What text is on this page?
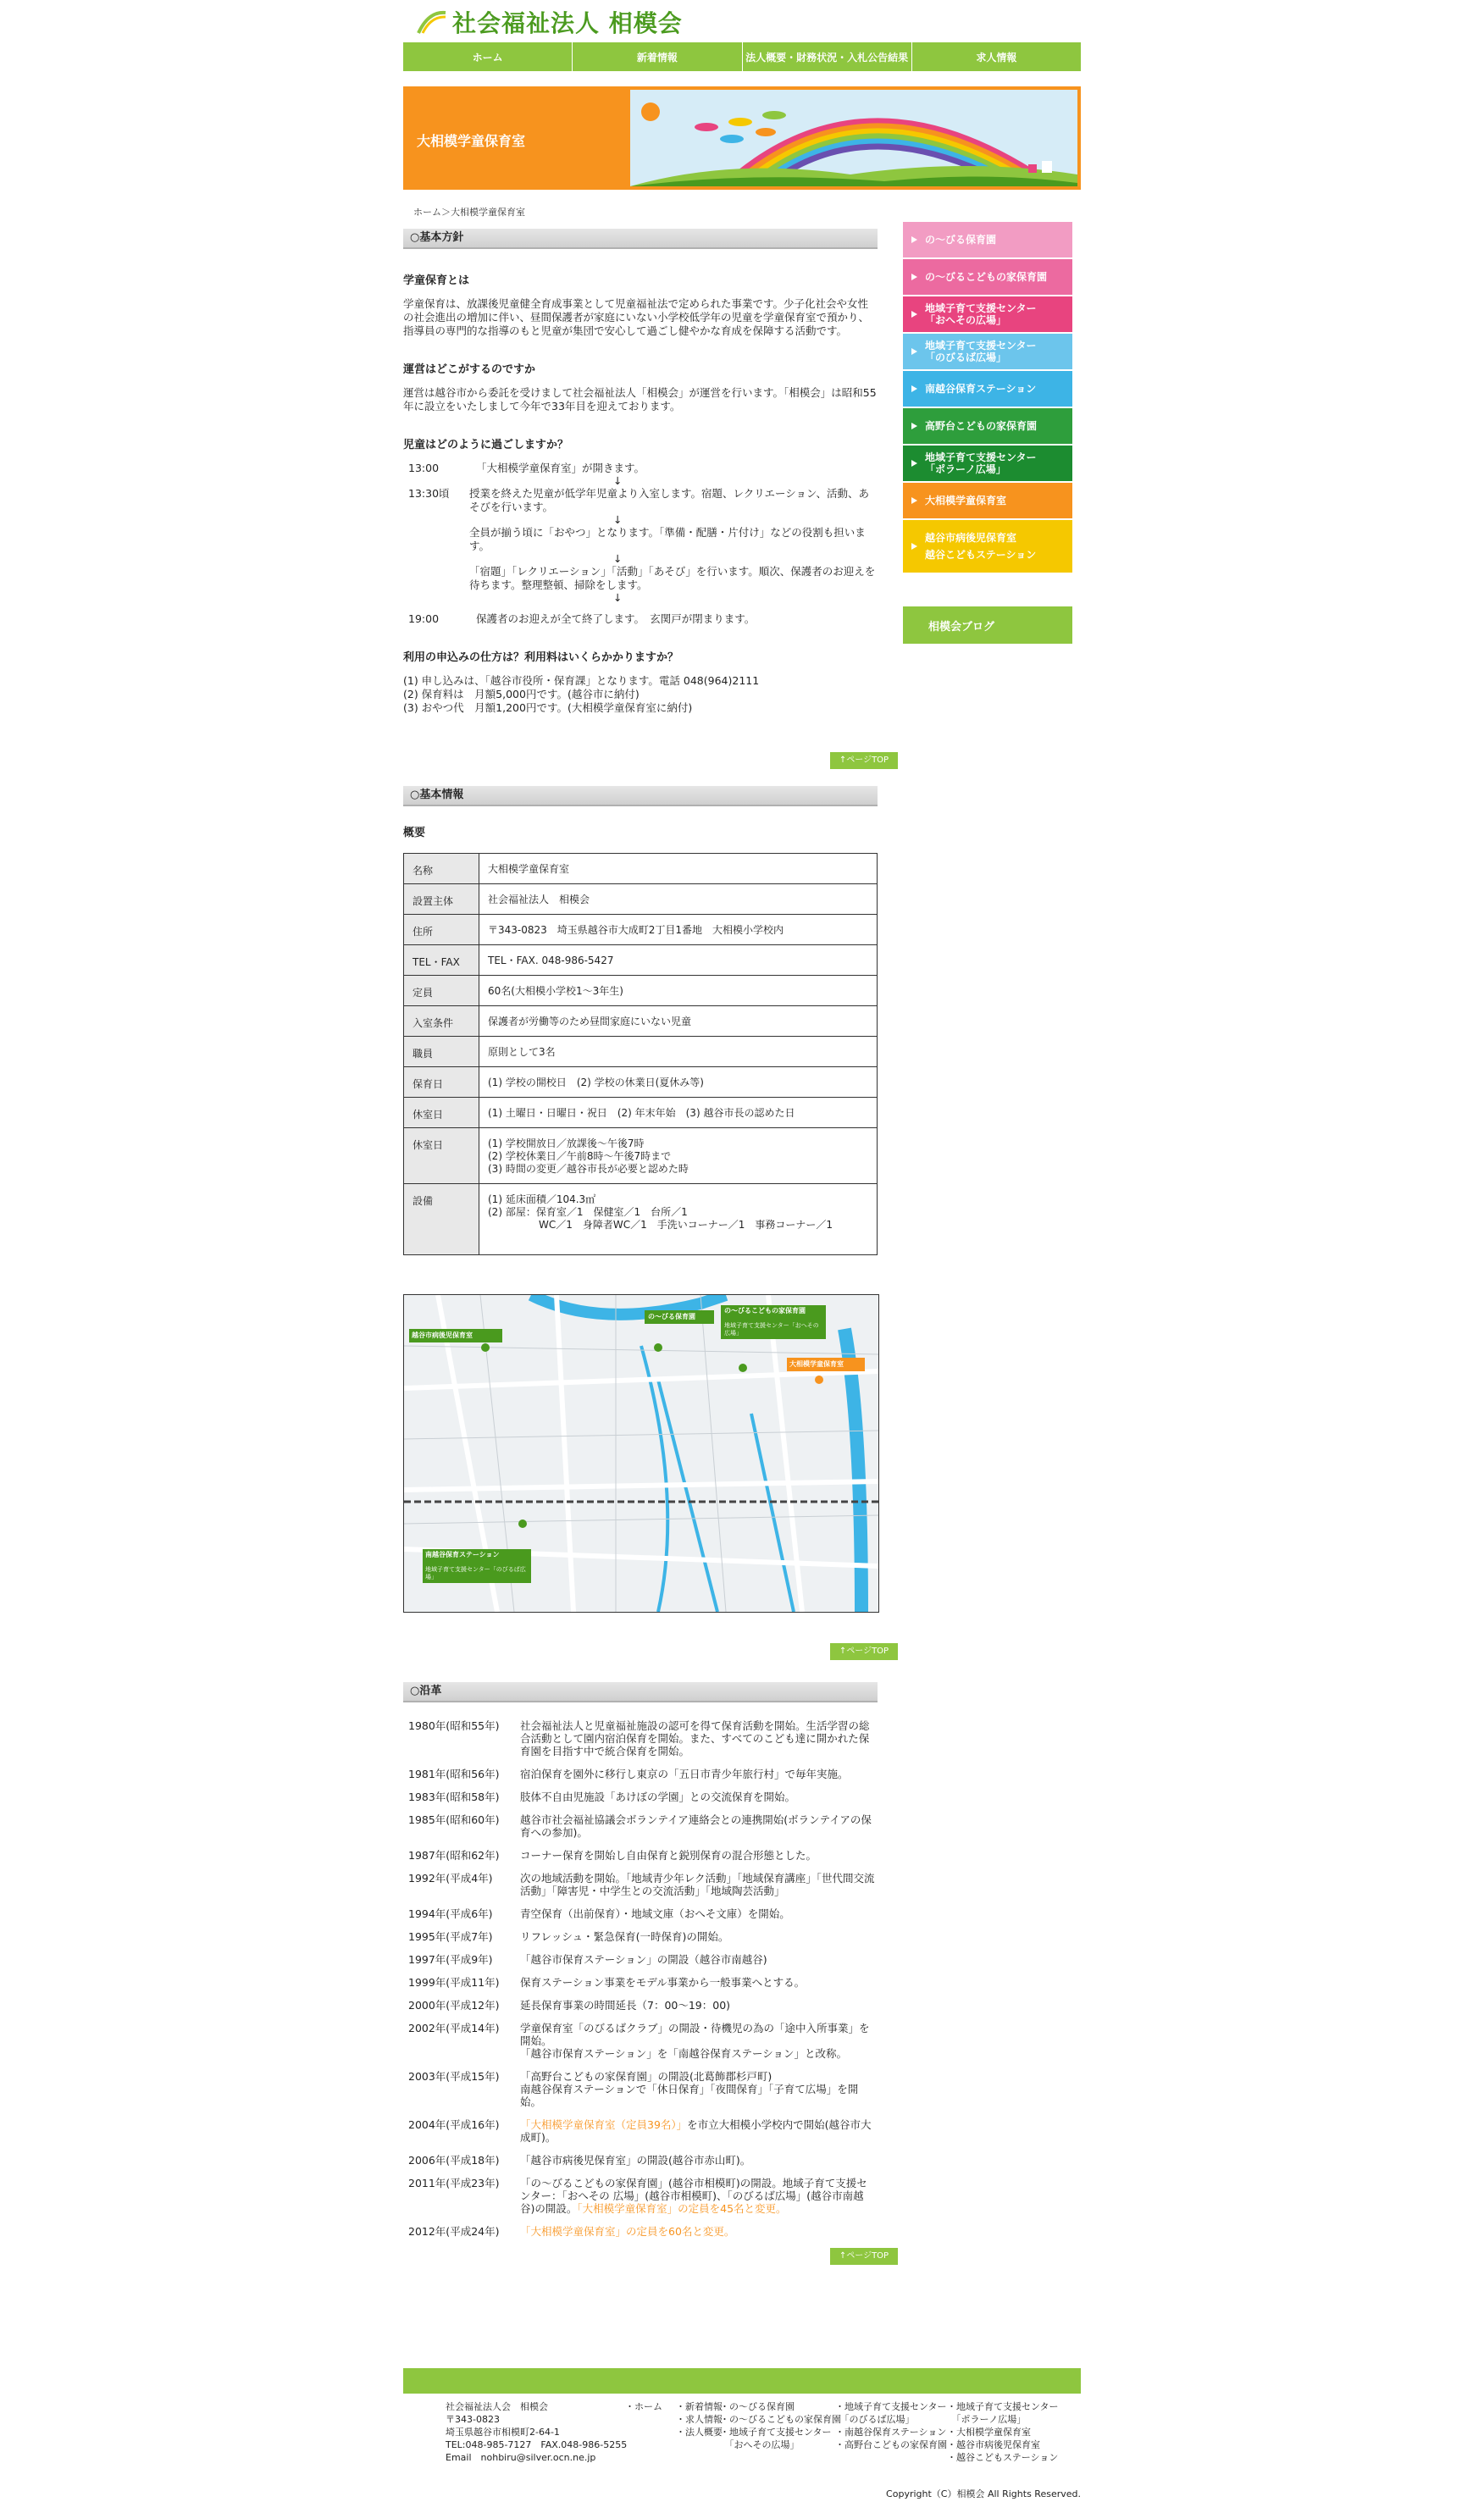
社会福祉法人 相模会
ホーム	新着情報	法人概要・財務状況・入札公告結果	求人情報
大相模学童保育室
ホーム＞大相模学童保育室
○基本方針
学童保育とは
学童保育は、放課後児童健全育成事業として児童福祉法で定められた事業です。少子化社会や女性の社会進出の増加に伴い、昼間保護者が家庭にいない小学校低学年の児童を学童保育室で預かり、指導員の専門的な指導のもと児童が集団で安心して過ごし健やかな育成を保障する活動です。
運営はどこがするのですか
運営は越谷市から委託を受けまして社会福祉法人「相模会」が運営を行います。「相模会」は昭和55年に設立をいたしまして今年で33年目を迎えております。
児童はどのように過ごしますか？
13:00	「大相模学童保育室」が開きます。
↓
13:30頃	授業を終えた児童が低学年児童より入室します。宿題、レクリエーション、活動、あそびを行います。
↓
全員が揃う頃に「おやつ」となります。「準備・配膳・片付け」などの役割も担います。
↓
「宿題」「レクリエーション」「活動」「あそび」を行います。順次、保護者のお迎えを待ちます。整理整頓、掃除をします。
↓
19:00	保護者のお迎えが全て終了します。　玄関戸が閉まります。
利用の申込みの仕方は？利用料はいくらかかりますか？
(1) 申し込みは、「越谷市役所・保育課」となります。電話 048(964)2111
(2) 保育料は　月額5,000円です。(越谷市に納付)
(3) おやつ代　月額1,200円です。(大相模学童保育室に納付)
↑ページTOP
○基本情報
概要
名称	大相模学童保育室
設置主体	社会福祉法人　相模会
住所	〒343-0823　埼玉県越谷市大成町2丁目1番地　大相模小学校内
TEL・FAX	TEL・FAX. 048-986-5427
定員	60名(大相模小学校1～3年生)
入室条件	保護者が労働等のため昼間家庭にいない児童
職員	原則として3名
保育日	(1) 学校の開校日　(2) 学校の休業日(夏休み等)
休室日	(1) 土曜日・日曜日・祝日　(2) 年末年始　(3) 越谷市長の認めた日
休室日	(1) 学校開放日／放課後～午後7時
(2) 学校休業日／午前8時～午後7時まで
(3) 時間の変更／越谷市長が必要と認めた時
設備	(1) 延床面積／104.3㎡
(2) 部屋：保育室／1　保健室／1　台所／1
　　　　　WC／1　身障者WC／1　手洗いコーナー／1　事務コーナー／1
越谷市病後児保育室
の～びる保育園
の～びるこどもの家保育園
地域子育て支援センター「おへその広場」
大相模学童保育室
南越谷保育ステーション
地域子育て支援センター「のびるば広場」
↑ページTOP
○沿革
1980年(昭和55年)	社会福祉法人と児童福祉施設の認可を得て保育活動を開始。生活学習の総合活動として園内宿泊保育を開始。また、すべてのこども達に開かれた保育園を目指す中で統合保育を開始。
1981年(昭和56年)	宿泊保育を園外に移行し東京の「五日市青少年旅行村」で毎年実施。
1983年(昭和58年)	肢体不自由児施設「あけぼの学園」との交流保育を開始。
1985年(昭和60年)	越谷市社会福祉協議会ボランテイア連絡会との連携開始(ボランテイアの保育への参加)。
1987年(昭和62年)	コーナー保育を開始し自由保育と鋭別保育の混合形態とした。
1992年(平成4年)	次の地域活動を開始。「地域青少年レク活動」「地域保育講座」「世代間交流活動」「障害児・中学生との交流活動」「地域陶芸活動」
1994年(平成6年)	青空保育（出前保育）・地域文庫（おへそ文庫）を開始。
1995年(平成7年)	リフレッシュ・緊急保育(一時保育)の開始。
1997年(平成9年)	「越谷市保育ステーション」の開設（越谷市南越谷)
1999年(平成11年)	保育ステーション事業をモデル事業から一般事業へとする。
2000年(平成12年)	延長保育事業の時間延長（7：00～19：00)
2002年(平成14年)	学童保育室「のびるばクラブ」の開設・待機児の為の「途中入所事業」を開始。
「越谷市保育ステーション」を「南越谷保育ステーション」と改称。
2003年(平成15年)	「高野台こどもの家保育園」の開設(北葛飾郡杉戸町)
南越谷保育ステーションで「休日保育」「夜間保育」「子育て広場」を開始。
2004年(平成16年)	「大相模学童保育室（定員39名）」を市立大相模小学校内で開始(越谷市大成町)。
2006年(平成18年)	「越谷市病後児保育室」の開設(越谷市赤山町)。
2011年(平成23年)	「の～びるこどもの家保育園」(越谷市相模町)の開設。地域子育て支援センター：「おへその 広場」(越谷市相模町)、「のびるば広場」(越谷市南越谷)の開設。「大相模学童保育室」の定員を45名と変更。
2012年(平成24年)	「大相模学童保育室」の定員を60名と変更。
↑ページTOP
の～びる保育園
の～びるこどもの家保育園
地域子育て支援センター
「おへその広場」
地域子育て支援センター
「のびるば広場」
南越谷保育ステーション
高野台こどもの家保育園
地域子育て支援センター
「ポラーノ広場」
大相模学童保育室
越谷市病後児保育室
越谷こどもステーション
相模会ブログ
社会福祉法人会　相模会
〒343-0823
埼玉県越谷市相模町2-64-1
TEL:048-985-7127　FAX.048-986-5255
Email　nohbiru@silver.ocn.ne.jp
・ホーム ・新着情報
・求人情報
・法人概要
・の～びる保育園
・の～びるこどもの家保育園
・地域子育て支援センター
　「おへその広場」
・地域子育て支援センター
　「のびるば広場」
・南越谷保育ステーション
・高野台こどもの家保育園
・地域子育て支援センター
　「ポラーノ広場」
・大相模学童保育室
・越谷市病後児保育室
・越谷こどもステーション
Copyright（C）相模会 All Rights Reserved.
